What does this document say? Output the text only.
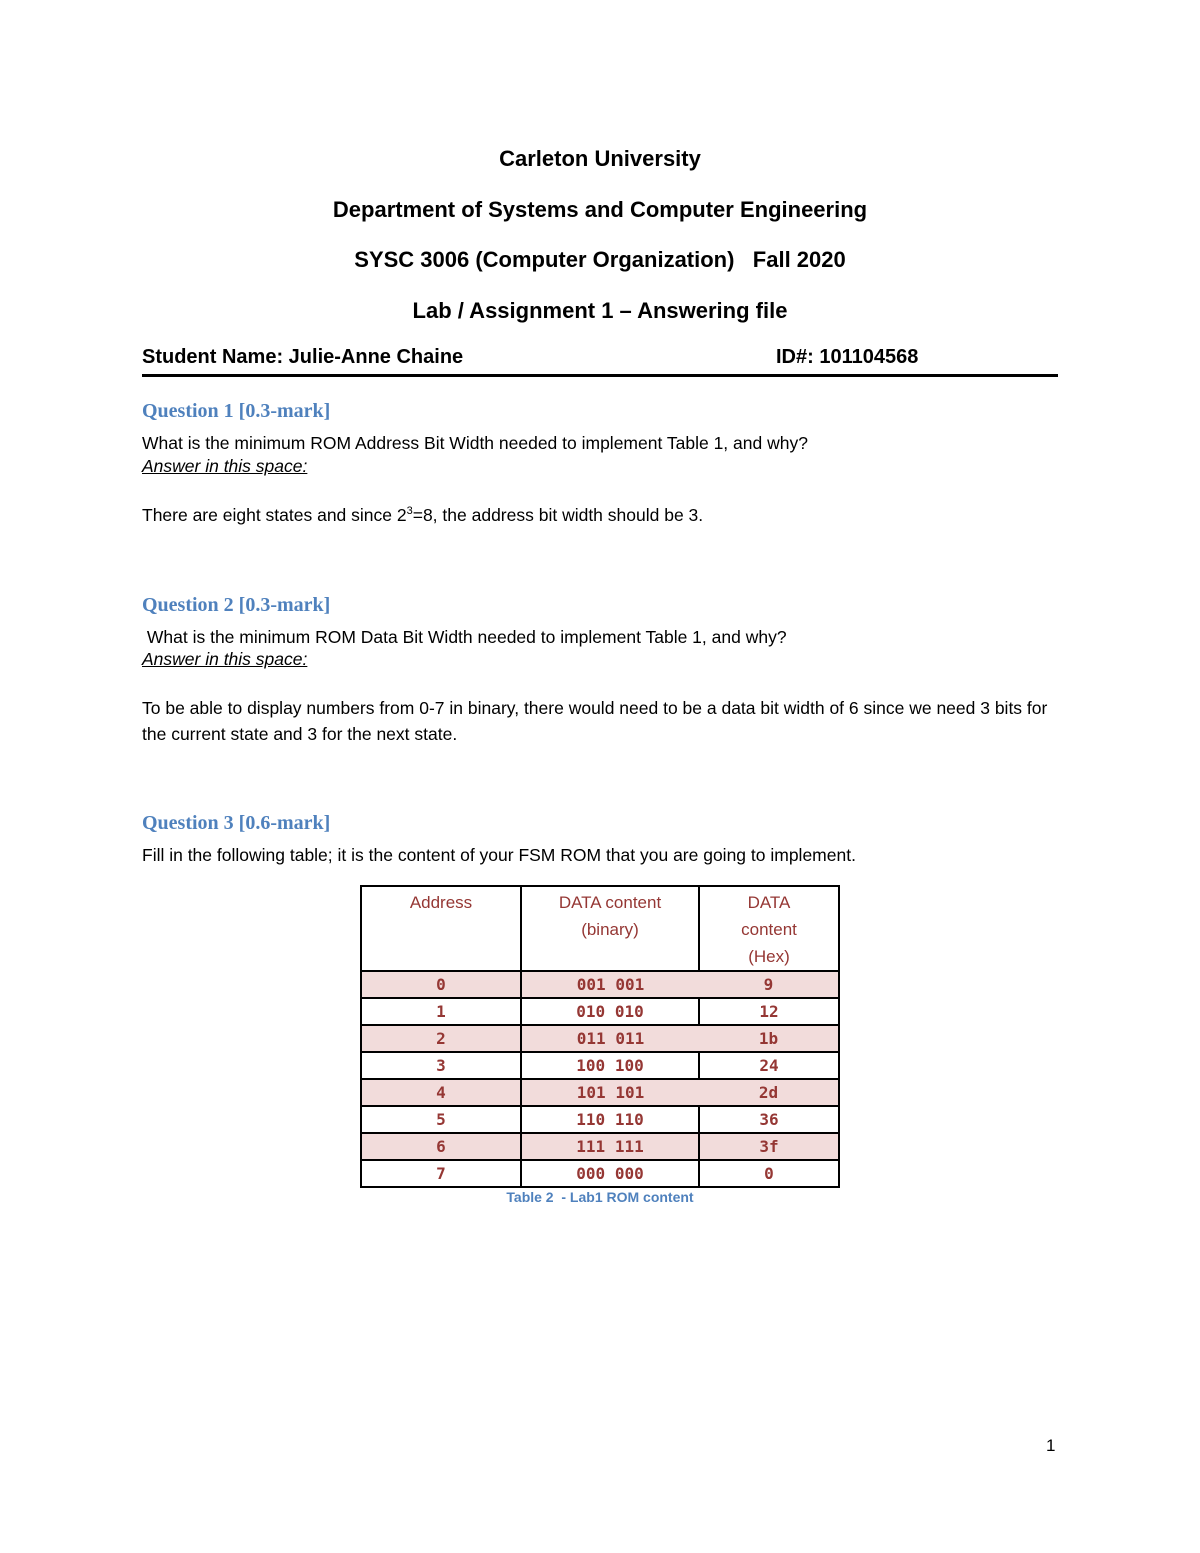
Carleton University
Department of Systems and Computer Engineering
SYSC 3006 (Computer Organization)   Fall 2020
Lab / Assignment 1 – Answering file
Student Name: Julie-Anne Chaine	ID#: 101104568
Question 1 [0.3-mark]
What is the minimum ROM Address Bit Width needed to implement Table 1, and why?
Answer in this space:
There are eight states and since $2^3=8$, the address bit width should be 3.
Question 2 [0.3-mark]
What is the minimum ROM Data Bit Width needed to implement Table 1, and why?
Answer in this space:
To be able to display numbers from 0-7 in binary, there would need to be a data bit width of 6 since we need 3 bits for the current state and 3 for the next state.
Question 3 [0.6-mark]
Fill in the following table; it is the content of your FSM ROM that you are going to implement.
Address	DATA content (binary)	DATA content (Hex)

0	001 001	9
1	010 010	12
2	011 011	1b
3	100 100	24
4	101 101	2d
5	110 110	36
6	111 111	3f
7	000 000	0
Table 2  - Lab1 ROM content
1
